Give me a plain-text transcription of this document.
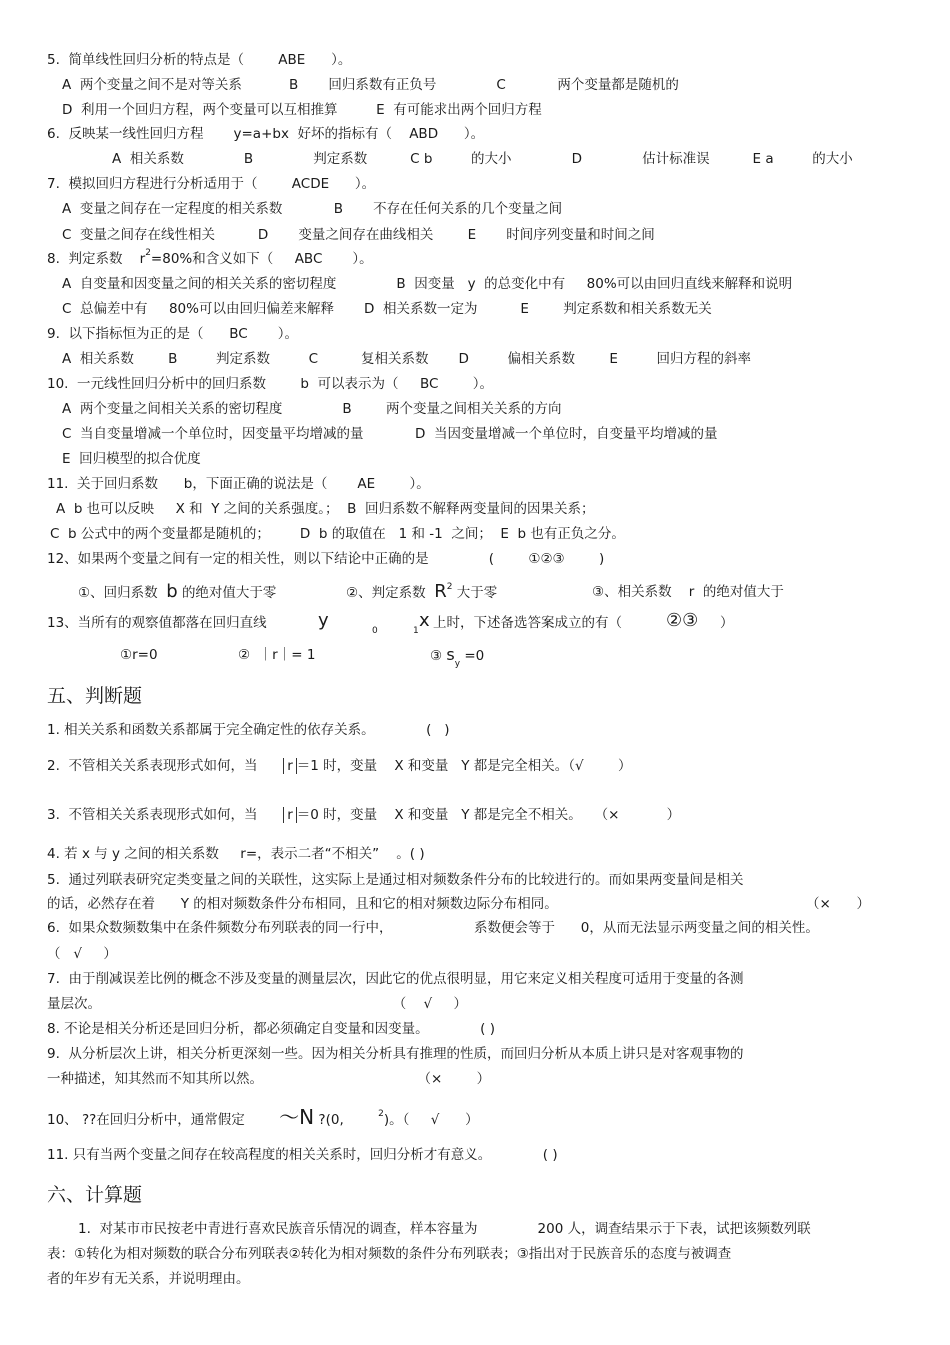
5.  简单线性回归分析的特点是（        ABE      ）。
A  两个变量之间不是对等关系           B       回归系数有正负号              C            两个变量都是随机的
D  利用一个回归方程，两个变量可以互相推算         E  有可能求出两个回归方程
6.  反映某一线性回归方程       y=a+bx  好坏的指标有（    ABD      ）。
A  相关系数              B              判定系数          C b         的大小              D              估计标准误          E a         的大小
7.  模拟回归方程进行分析适用于（        ACDE      ）。
A  变量之间存在一定程度的相关系数            B       不存在任何关系的几个变量之间
C  变量之间存在线性相关          D       变量之间存在曲线相关        E       时间序列变量和时间之间
8.  判定系数    $r^2=80\%$和含义如下（     ABC       ）。
A  自变量和因变量之间的相关关系的密切程度              B  因变量   y  的总变化中有     80%可以由回归直线来解释和说明
C  总偏差中有     80%可以由回归偏差来解释       D  相关系数一定为          E        判定系数和相关系数无关
9.  以下指标恒为正的是（      BC       ）。
A  相关系数        B         判定系数         C          复相关系数       D         偏相关系数        E         回归方程的斜率
10.  一元线性回归分析中的回归系数        b  可以表示为（     BC        ）。
A  两个变量之间相关关系的密切程度              B        两个变量之间相关关系的方向
C  当自变量增减一个单位时，因变量平均增减的量            D  当因变量增减一个单位时，自变量平均增减的量
E  回归模型的拟合优度
11.  关于回归系数      b，下面正确的说法是（       AE        ）。
A  b 也可以反映     X 和  Y 之间的关系强度。；  B  回归系数不解释两变量间的因果关系；
C  b 公式中的两个变量都是随机的；       D  b 的取值在   1 和 -1  之间；  E  b 也有正负之分。
12、如果两个变量之间有一定的相关性，则以下结论中正确的是              (        ①②③        )
①、回归系数 b 的绝对值大于零	②、判定系数 $R^2$ 大于零	③、相关系数    r  的绝对值大于
13、当所有的观察值都落在回归直线	y	0	1 x 上时，下述备选答案成立的有（ ②③ ）
①r=0	②  ｜r｜= 1	③ $s_y =0$
五、判断题
1. 相关关系和函数关系都属于完全确定性的依存关系。            (   )
2.  不管相关关系表现形式如何，当 r ＝1 时，变量    X 和变量   Y 都是完全相关。（√        ）
3.  不管相关关系表现形式如何，当 r ＝0 时，变量    X 和变量   Y 都是完全不相关。   （×           ）
4. 若 x 与 y 之间的相关系数     r=，表示二者“不相关”    。( )
5.  通过列联表研究定类变量之间的关联性，这实际上是通过相对频数条件分布的比较进行的。而如果两变量间是相关
的话，必然存在着      Y 的相对频数条件分布相同，且和它的相对频数边际分布相同。	（×      ）
6.  如果众数频数集中在条件频数分布列联表的同一行中，                   系数便会等于      0，从而无法显示两变量之间的相关性。
（   √     ）
7.  由于削减误差比例的概念不涉及变量的测量层次，因此它的优点很明显，用它来定义相关程度可适用于变量的各测
量层次。                                                                    （    √     ）
8. 不论是相关分析还是回归分析，都必须确定自变量和因变量。            ( )
9.  从分析层次上讲，相关分析更深刻一些。因为相关分析具有推理的性质，而回归分析从本质上讲只是对客观事物的
一种描述，知其然而不知其所以然。                                    （×        ）
10、 ??在回归分析中，通常假定 ～N ?(0,	$^2$)。（     √      ）
11. 只有当两个变量之间存在较高程度的相关关系时，回归分析才有意义。            ( )
六、计算题
1.  对某市市民按老中青进行喜欢民族音乐情况的调查，样本容量为              200 人，调查结果示于下表，试把该频数列联
表：①转化为相对频数的联合分布列联表②转化为相对频数的条件分布列联表；③指出对于民族音乐的态度与被调查
者的年岁有无关系，并说明理由。
